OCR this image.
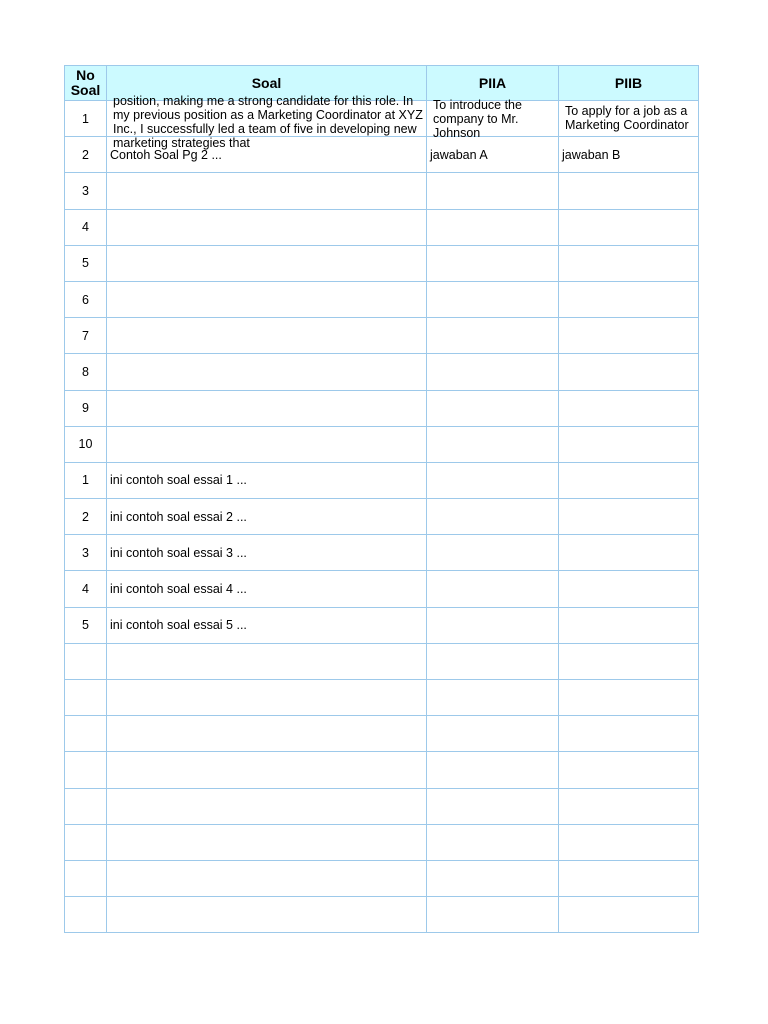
No Soal	Soal	PIIA	PIIB
1	position, making me a strong candidate for this role. In my previous position as a Marketing Coordinator at XYZ Inc., I successfully led a team of five in developing new marketing strategies that	To introduce the company to Mr. Johnson	To apply for a job as a Marketing Coordinator

2	Contoh Soal Pg 2 ...	jawaban A	jawaban B
3			
4			
5			
6			
7			
8			
9			
10			
1	ini contoh soal essai 1 ...		
2	ini contoh soal essai 2 ...		
3	ini contoh soal essai 3 ...		
4	ini contoh soal essai 4 ...		
5	ini contoh soal essai 5 ...		
